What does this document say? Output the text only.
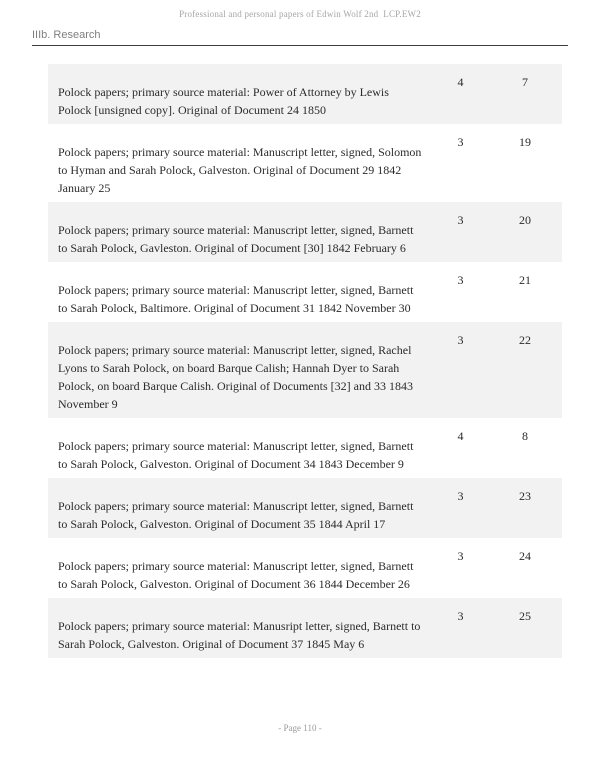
Professional and personal papers of Edwin Wolf 2nd  LCP.EW2
IIIb. Research
Polock papers; primary source material: Power of Attorney by Lewis Polock [unsigned copy]. Original of Document 24 1850
4	7
Polock papers; primary source material: Manuscript letter, signed, Solomon to Hyman and Sarah Polock, Galveston. Original of Document 29 1842 January 25
3	19
Polock papers; primary source material: Manuscript letter, signed, Barnett to Sarah Polock, Gavleston. Original of Document [30] 1842 February 6
3	20
Polock papers; primary source material: Manuscript letter, signed, Barnett to Sarah Polock, Baltimore. Original of Document 31 1842 November 30
3	21
Polock papers; primary source material: Manuscript letter, signed, Rachel Lyons to Sarah Polock, on board Barque Calish; Hannah Dyer to Sarah Polock, on board Barque Calish. Original of Documents [32] and 33 1843 November 9
3	22
Polock papers; primary source material: Manuscript letter, signed, Barnett to Sarah Polock, Galveston. Original of Document 34 1843 December 9
4	8
Polock papers; primary source material: Manuscript letter, signed, Barnett to Sarah Polock, Galveston. Original of Document 35 1844 April 17
3	23
Polock papers; primary source material: Manuscript letter, signed, Barnett to Sarah Polock, Galveston. Original of Document 36 1844 December 26
3	24
Polock papers; primary source material: Manusript letter, signed, Barnett to Sarah Polock, Galveston. Original of Document 37 1845 May 6
3	25
- Page 110 -
